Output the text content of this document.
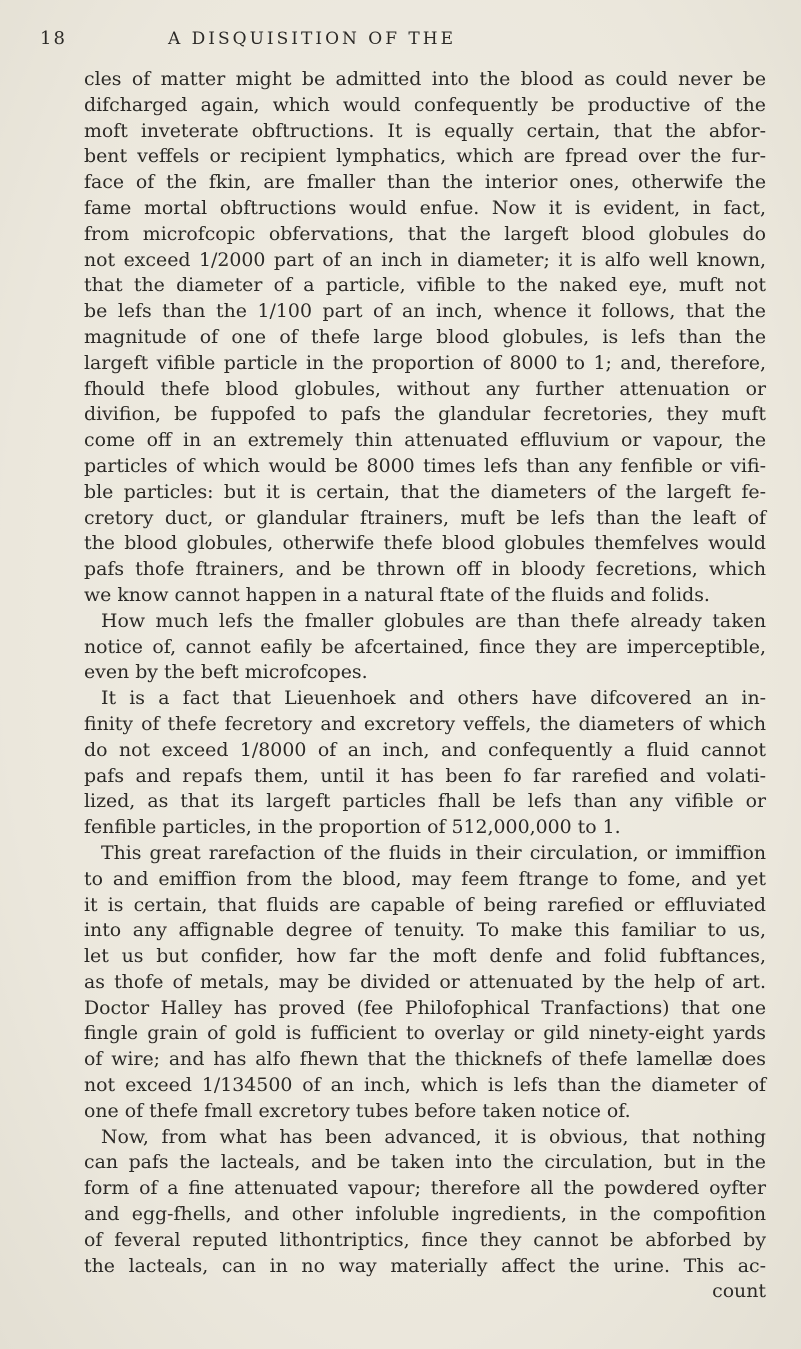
18	A DISQUISITION OF THE
cles of matter might be admitted into the blood as could never be
difcharged again, which would confequently be productive of the
moft inveterate obftructions. It is equally certain, that the abfor-
bent veffels or recipient lymphatics, which are fpread over the fur-
face of the fkin, are fmaller than the interior ones, otherwife the
fame mortal obftructions would enfue. Now it is evident, in fact,
from microfcopic obfervations, that the largeft blood globules do
not exceed 1/2000 part of an inch in diameter; it is alfo well known,
that the diameter of a particle, vifible to the naked eye, muft not
be lefs than the 1/100 part of an inch, whence it follows, that the
magnitude of one of thefe large blood globules, is lefs than the
largeft vifible particle in the proportion of 8000 to 1; and, therefore,
fhould thefe blood globules, without any further attenuation or
divifion, be fuppofed to pafs the glandular fecretories, they muft
come off in an extremely thin attenuated effluvium or vapour, the
particles of which would be 8000 times lefs than any fenfible or vifi-
ble particles: but it is certain, that the diameters of the largeft fe-
cretory duct, or glandular ftrainers, muft be lefs than the leaft of
the blood globules, otherwife thefe blood globules themfelves would
pafs thofe ftrainers, and be thrown off in bloody fecretions, which
we know cannot happen in a natural ftate of the fluids and folids.
How much lefs the fmaller globules are than thefe already taken
notice of, cannot eafily be afcertained, fince they are imperceptible,
even by the beft microfcopes.
It is a fact that Lieuenhoek and others have difcovered an in-
finity of thefe fecretory and excretory veffels, the diameters of which
do not exceed 1/8000 of an inch, and confequently a fluid cannot
pafs and repafs them, until it has been fo far rarefied and volati-
lized, as that its largeft particles fhall be lefs than any vifible or
fenfible particles, in the proportion of 512,000,000 to 1.
This great rarefaction of the fluids in their circulation, or immiffion
to and emiffion from the blood, may feem ftrange to fome, and yet
it is certain, that fluids are capable of being rarefied or effluviated
into any affignable degree of tenuity. To make this familiar to us,
let us but confider, how far the moft denfe and folid fubftances,
as thofe of metals, may be divided or attenuated by the help of art.
Doctor Halley has proved (fee Philofophical Tranfactions) that one
fingle grain of gold is fufficient to overlay or gild ninety-eight yards
of wire; and has alfo fhewn that the thicknefs of thefe lamellæ does
not exceed 1/134500 of an inch, which is lefs than the diameter of
one of thefe fmall excretory tubes before taken notice of.
Now, from what has been advanced, it is obvious, that nothing
can pafs the lacteals, and be taken into the circulation, but in the
form of a fine attenuated vapour; therefore all the powdered oyfter
and egg-fhells, and other infoluble ingredients, in the compofition
of feveral reputed lithontriptics, fince they cannot be abforbed by
the lacteals, can in no way materially affect the urine. This ac-
count
